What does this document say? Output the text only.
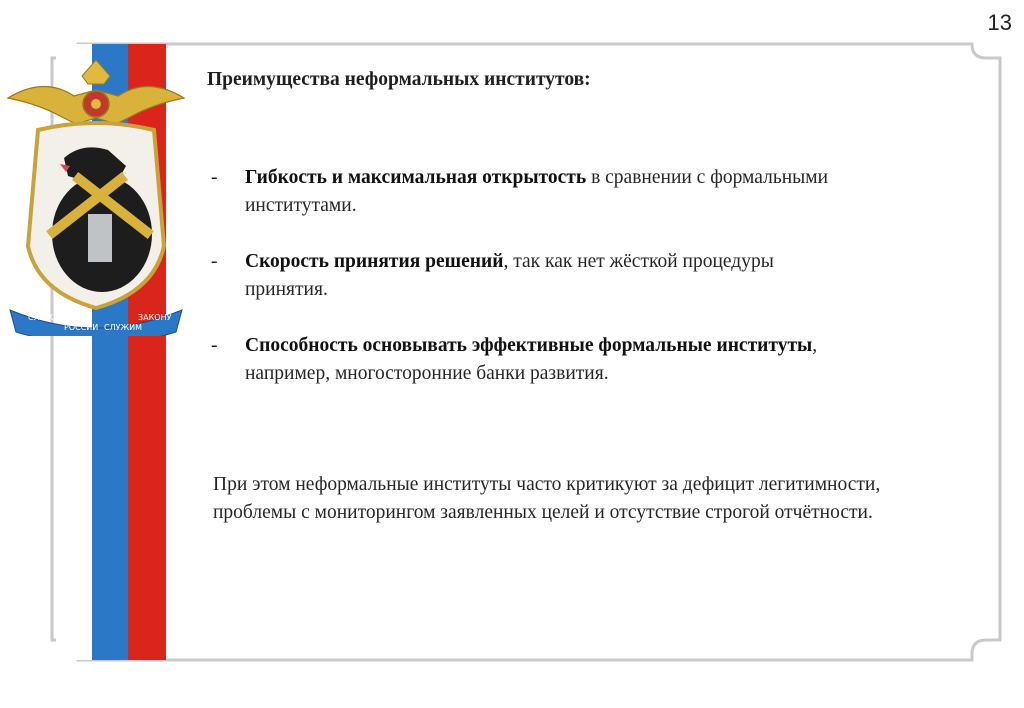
13
СЛУЖИМ
РОССИИ СЛУЖИМ
ЗАКОНУ
Преимущества неформальных институтов:
- Гибкость и максимальная открытость в сравнении с формальными институтами.
- Скорость принятия решений, так как нет жёсткой процедуры принятия.
- Способность основывать эффективные формальные институты, например, многосторонние банки развития.

При этом неформальные институты часто критикуют за дефицит легитимности, проблемы с мониторингом заявленных целей и отсутствие строгой отчётности.
